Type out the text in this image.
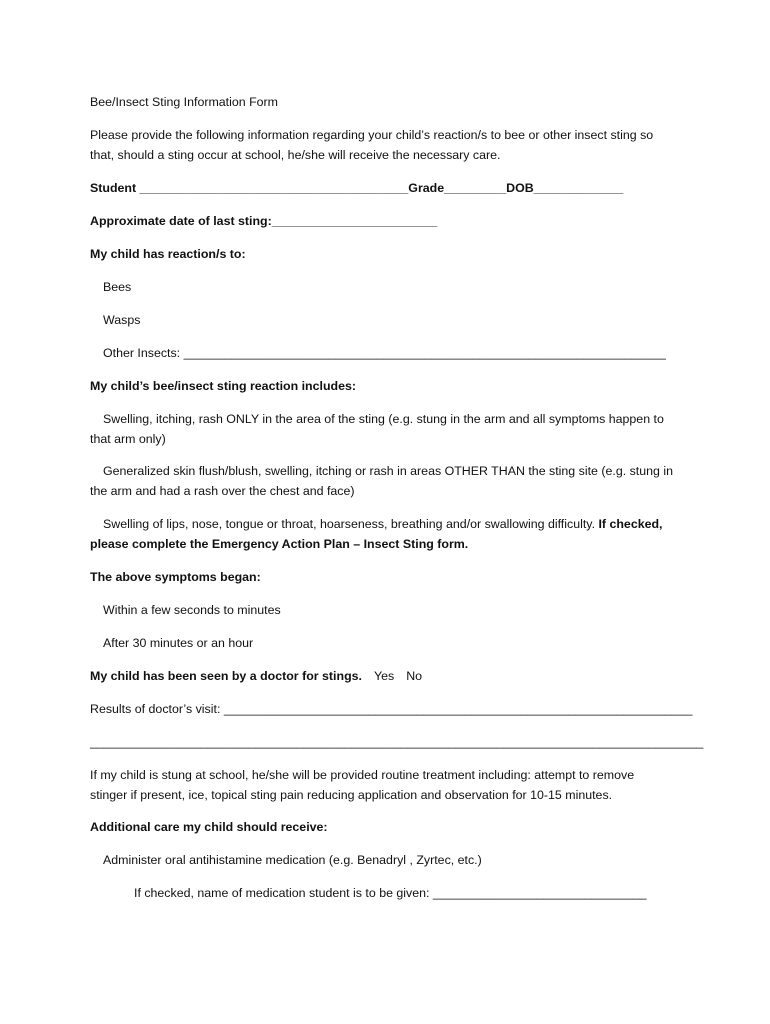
Bee/Insect Sting Information Form
Please provide the following information regarding your child’s reaction/s to bee or other insect sting so
that, should a sting occur at school, he/she will receive the necessary care.
Student _______________________________________Grade_________DOB_____________
Approximate date of last sting:________________________
My child has reaction/s to:
Bees
Wasps
Other Insects: ______________________________________________________________________
My child’s bee/insect sting reaction includes:
Swelling, itching, rash ONLY in the area of the sting (e.g. stung in the arm and all symptoms happen to
that arm only)
Generalized skin flush/blush, swelling, itching or rash in areas OTHER THAN the sting site (e.g. stung in
the arm and had a rash over the chest and face)
Swelling of lips, nose, tongue or throat, hoarseness, breathing and/or swallowing difficulty. If checked,
please complete the Emergency Action Plan – Insect Sting form.
The above symptoms began:
Within a few seconds to minutes
After 30 minutes or an hour
My child has been seen by a doctor for stings. Yes No
Results of doctor’s visit: ____________________________________________________________________
_________________________________________________________________________________________
If my child is stung at school, he/she will be provided routine treatment including: attempt to remove
stinger if present, ice, topical sting pain reducing application and observation for 10-15 minutes.
Additional care my child should receive:
Administer oral antihistamine medication (e.g. Benadryl , Zyrtec, etc.)
If checked, name of medication student is to be given: _______________________________
